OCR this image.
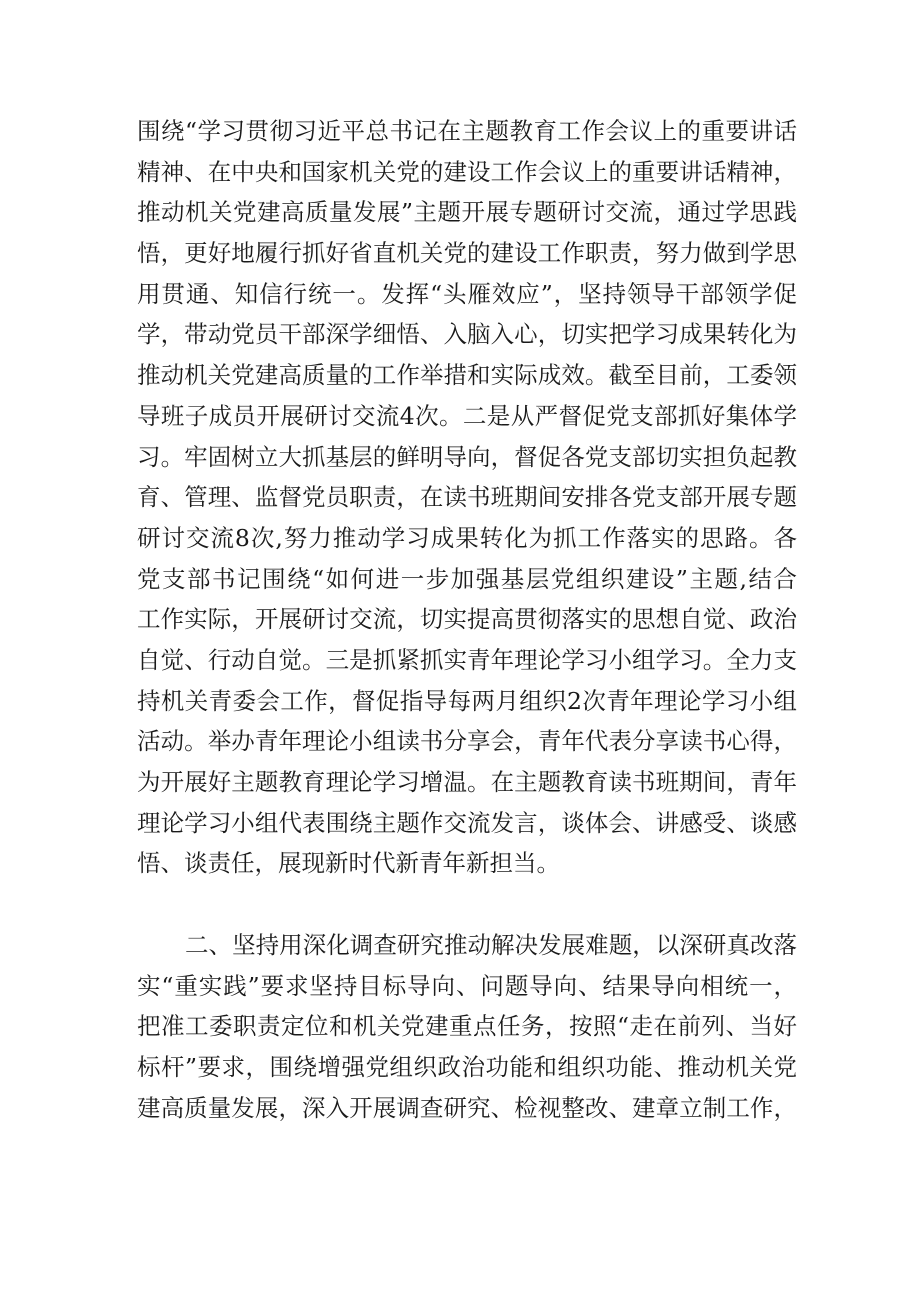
围绕“学习贯彻习近平总书记在主题教育工作会议上的重要讲话
精神、在中央和国家机关党的建设工作会议上的重要讲话精神，
推动机关党建高质量发展”主题开展专题研讨交流，通过学思践
悟，更好地履行抓好省直机关党的建设工作职责，努力做到学思
用贯通、知信行统一。发挥“头雁效应”，坚持领导干部领学促
学，带动党员干部深学细悟、入脑入心，切实把学习成果转化为
推动机关党建高质量的工作举措和实际成效。截至目前，工委领
导班子成员开展研讨交流4次。二是从严督促党支部抓好集体学
习。牢固树立大抓基层的鲜明导向，督促各党支部切实担负起教
育、管理、监督党员职责，在读书班期间安排各党支部开展专题
研讨交流8次,努力推动学习成果转化为抓工作落实的思路。各
党支部书记围绕“如何进一步加强基层党组织建设”主题,结合
工作实际，开展研讨交流，切实提高贯彻落实的思想自觉、政治
自觉、行动自觉。三是抓紧抓实青年理论学习小组学习。全力支
持机关青委会工作，督促指导每两月组织2次青年理论学习小组
活动。举办青年理论小组读书分享会，青年代表分享读书心得，
为开展好主题教育理论学习增温。在主题教育读书班期间，青年
理论学习小组代表围绕主题作交流发言，谈体会、讲感受、谈感
悟、谈责任，展现新时代新青年新担当。
二、坚持用深化调查研究推动解决发展难题，以深研真改落
实“重实践”要求坚持目标导向、问题导向、结果导向相统一，
把准工委职责定位和机关党建重点任务，按照“走在前列、当好
标杆”要求，围绕增强党组织政治功能和组织功能、推动机关党
建高质量发展，深入开展调查研究、检视整改、建章立制工作，
